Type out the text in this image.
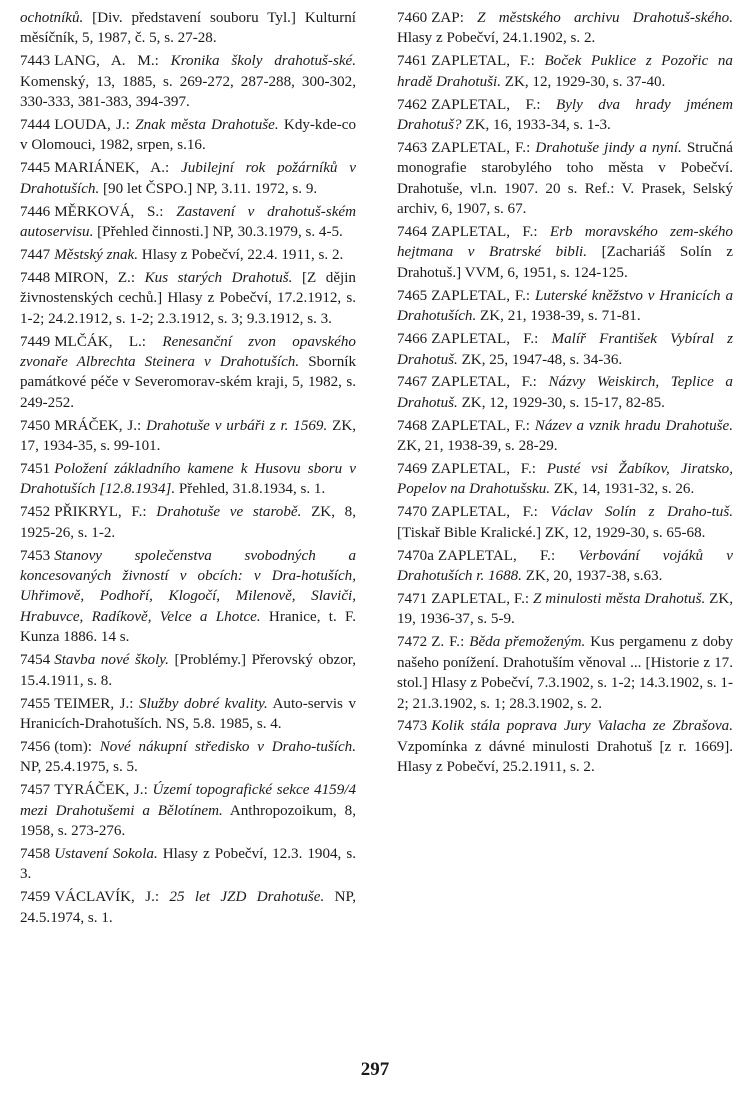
ochotníků. [Div. představení souboru Tyl.] Kulturní měsíčník, 5, 1987, č. 5, s. 27-28.
7443 LANG, A. M.: Kronika školy drahotuš-ské. Komenský, 13, 1885, s. 269-272, 287-288, 300-302, 330-333, 381-383, 394-397.
7444 LOUDA, J.: Znak města Drahotuše. Kdy-kde-co v Olomouci, 1982, srpen, s.16.
7445 MARIÁNEK, A.: Jubilejní rok požárníků v Drahotuších. [90 let ČSPO.] NP, 3.11. 1972, s. 9.
7446 MĚRKOVÁ, S.: Zastavení v drahotuš-ském autoservisu. [Přehled činnosti.] NP, 30.3.1979, s. 4-5.
7447 Městský znak. Hlasy z Pobečví, 22.4. 1911, s. 2.
7448 MIRON, Z.: Kus starých Drahotuš. [Z dějin živnostenských cechů.] Hlasy z Pobečví, 17.2.1912, s. 1-2; 24.2.1912, s. 1-2; 2.3.1912, s. 3; 9.3.1912, s. 3.
7449 MLČÁK, L.: Renesanční zvon opavského zvonaře Albrechta Steinera v Drahotuších. Sborník památkové péče v Severomorav-ském kraji, 5, 1982, s. 249-252.
7450 MRÁČEK, J.: Drahotuše v urbáři z r. 1569. ZK, 17, 1934-35, s. 99-101.
7451 Položení základního kamene k Husovu sboru v Drahotuších [12.8.1934]. Přehled, 31.8.1934, s. 1.
7452 PŘIKRYL, F.: Drahotuše ve starobě. ZK, 8, 1925-26, s. 1-2.
7453 Stanovy společenstva svobodných a koncesovaných živností v obcích: v Dra-hotuších, Uhřimově, Podhoří, Klogočí, Milenově, Slaviči, Hrabuvce, Radíkově, Velce a Lhotce. Hranice, t. F. Kunza 1886. 14 s.
7454 Stavba nové školy. [Problémy.] Přerovský obzor, 15.4.1911, s. 8.
7455 TEIMER, J.: Služby dobré kvality. Auto-servis v Hranicích-Drahotuších. NS, 5.8. 1985, s. 4.
7456 (tom): Nové nákupní středisko v Draho-tuších. NP, 25.4.1975, s. 5.
7457 TYRÁČEK, J.: Území topografické sekce 4159/4 mezi Drahotušemi a Bělotínem. Anthropozoikum, 8, 1958, s. 273-276.
7458 Ustavení Sokola. Hlasy z Pobečví, 12.3. 1904, s. 3.
7459 VÁCLAVÍK, J.: 25 let JZD Drahotuše. NP, 24.5.1974, s. 1.
7460 ZAP: Z městského archivu Drahotuš-ského. Hlasy z Pobečví, 24.1.1902, s. 2.
7461 ZAPLETAL, F.: Boček Puklice z Pozořic na hradě Drahotuši. ZK, 12, 1929-30, s. 37-40.
7462 ZAPLETAL, F.: Byly dva hrady jménem Drahotuš? ZK, 16, 1933-34, s. 1-3.
7463 ZAPLETAL, F.: Drahotuše jindy a nyní. Stručná monografie starobylého toho města v Pobečví. Drahotuše, vl.n. 1907. 20 s. Ref.: V. Prasek, Selský archiv, 6, 1907, s. 67.
7464 ZAPLETAL, F.: Erb moravského zem-ského hejtmana v Bratrské bibli. [Zachariáš Solín z Drahotuš.] VVM, 6, 1951, s. 124-125.
7465 ZAPLETAL, F.: Luterské kněžstvo v Hranicích a Drahotuších. ZK, 21, 1938-39, s. 71-81.
7466 ZAPLETAL, F.: Malíř František Vybíral z Drahotuš. ZK, 25, 1947-48, s. 34-36.
7467 ZAPLETAL, F.: Názvy Weiskirch, Teplice a Drahotuš. ZK, 12, 1929-30, s. 15-17, 82-85.
7468 ZAPLETAL, F.: Název a vznik hradu Drahotuše. ZK, 21, 1938-39, s. 28-29.
7469 ZAPLETAL, F.: Pusté vsi Žabíkov, Jiratsko, Popelov na Drahotušsku. ZK, 14, 1931-32, s. 26.
7470 ZAPLETAL, F.: Václav Solín z Draho-tuš. [Tiskař Bible Kralické.] ZK, 12, 1929-30, s. 65-68.
7470a ZAPLETAL, F.: Verbování vojáků v Drahotuších r. 1688. ZK, 20, 1937-38, s.63.
7471 ZAPLETAL, F.: Z minulosti města Drahotuš. ZK, 19, 1936-37, s. 5-9.
7472 Z. F.: Běda přemoženým. Kus pergamenu z doby našeho ponížení. Drahotuším věnoval ... [Historie z 17. stol.] Hlasy z Pobečví, 7.3.1902, s. 1-2; 14.3.1902, s. 1-2; 21.3.1902, s. 1; 28.3.1902, s. 2.
7473 Kolik stála poprava Jury Valacha ze Zbrašova. Vzpomínka z dávné minulosti Drahotuš [z r. 1669]. Hlasy z Pobečví, 25.2.1911, s. 2.
297
